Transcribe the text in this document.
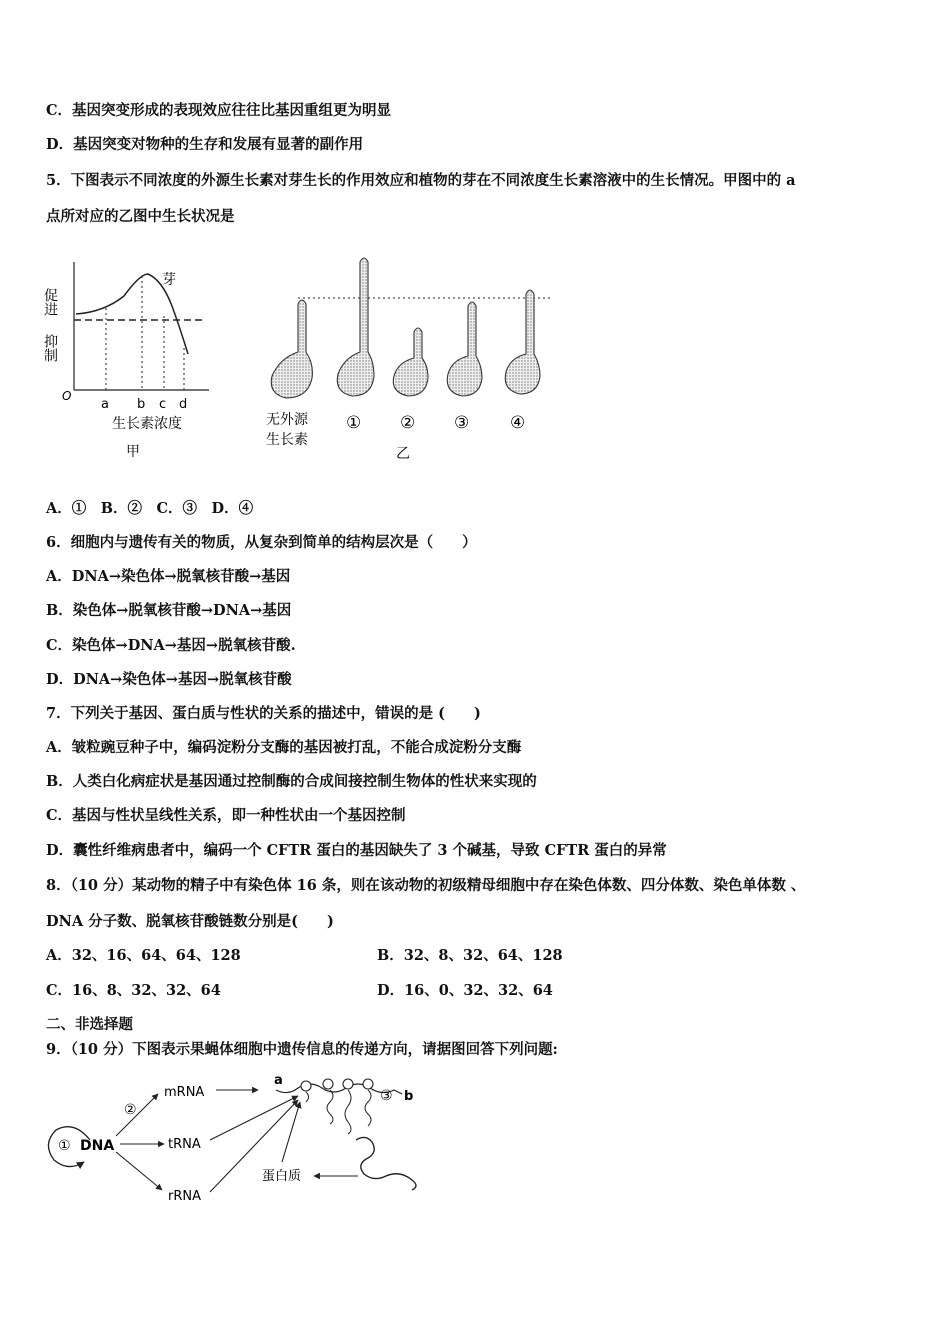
C．基因突变形成的表现效应往往比基因重组更为明显
D．基因突变对物种的生存和发展有显著的副作用
5．下图表示不同浓度的外源生长素对芽生长的作用效应和植物的芽在不同浓度生长素溶液中的生长情况。甲图中的 a
点所对应的乙图中生长状况是
促进
抑制
芽
O
a b c d
生长素浓度
甲
无外源
生长素
① ② ③ ④
乙
A．①　B．②　C．③　D．④
6．细胞内与遗传有关的物质，从复杂到简单的结构层次是（　　）
A．DNA→染色体→脱氧核苷酸→基因
B．染色体→脱氧核苷酸→DNA→基因
C．染色体→DNA→基因→脱氧核苷酸.
D．DNA→染色体→基因→脱氧核苷酸
7．下列关于基因、蛋白质与性状的关系的描述中，错误的是 (　　)
A．皱粒豌豆种子中，编码淀粉分支酶的基因被打乱，不能合成淀粉分支酶
B．人类白化病症状是基因通过控制酶的合成间接控制生物体的性状来实现的
C．基因与性状呈线性关系，即一种性状由一个基因控制
D．囊性纤维病患者中，编码一个 CFTR 蛋白的基因缺失了 3 个碱基，导致 CFTR 蛋白的异常
8．（10 分）某动物的精子中有染色体 16 条，则在该动物的初级精母细胞中存在染色体数、四分体数、染色单体数 、
DNA 分子数、脱氧核苷酸链数分别是(　　)
A．32、16、64、64、128	B．32、8、32、64、128
C．16、8、32、32、64	D．16、0、32、32、64
二、非选择题
9．（10 分）下图表示果蝇体细胞中遗传信息的传递方向，请据图回答下列问题:
① DNA
②
mRNA
tRNA
rRNA
a
③ b
蛋白质
